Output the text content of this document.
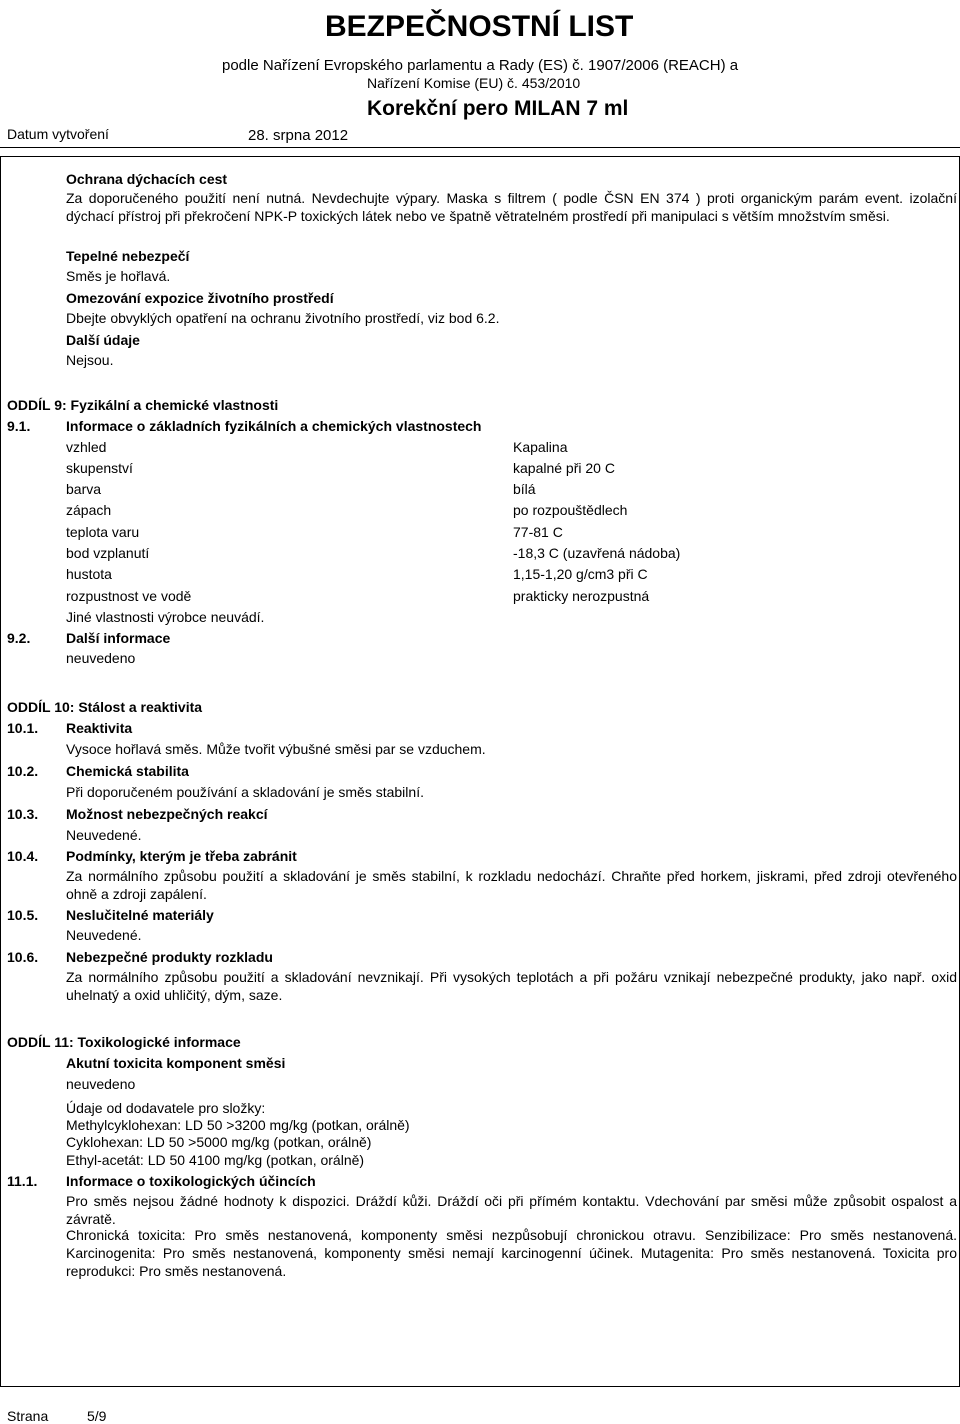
BEZPEČNOSTNÍ LIST
podle Nařízení Evropského parlamentu a Rady (ES) č. 1907/2006 (REACH) a
Nařízení Komise (EU) č. 453/2010
Korekční pero MILAN 7 ml
Datum vytvoření	28. srpna 2012
Ochrana dýchacích cest
Za doporučeného použití není nutná. Nevdechujte výpary. Maska s filtrem ( podle ČSN EN 374 ) proti organickým parám event. izolační dýchací přístroj při překročení NPK-P toxických látek nebo ve špatně větratelném prostředí při manipulaci s větším množstvím směsi.
Tepelné nebezpečí
Směs je hořlavá.
Omezování expozice životního prostředí
Dbejte obvyklých opatření na ochranu životního prostředí, viz bod 6.2.
Další údaje
Nejsou.
ODDÍL 9: Fyzikální a chemické vlastnosti
9.1.	Informace o základních fyzikálních a chemických vlastnostech
vzhled	Kapalina
skupenství	kapalné při 20 C
barva	bílá
zápach	po rozpouštědlech
teplota varu	77-81 C
bod vzplanutí	-18,3 C (uzavřená nádoba)
hustota	1,15-1,20 g/cm3 při C
rozpustnost ve vodě	prakticky nerozpustná
Jiné vlastnosti výrobce neuvádí.
9.2.	Další informace
neuvedeno
ODDÍL 10: Stálost a reaktivita
10.1. Reaktivita
Vysoce hořlavá směs. Může tvořit výbušné směsi par se vzduchem.
10.2. Chemická stabilita
Při doporučeném používání a skladování je směs stabilní.
10.3. Možnost nebezpečných reakcí
Neuvedené.
10.4. Podmínky, kterým je třeba zabránit
Za normálního způsobu použití a skladování je směs stabilní, k rozkladu nedochází. Chraňte před horkem, jiskrami, před zdroji otevřeného ohně a zdroji zapálení.
10.5. Neslučitelné materiály
Neuvedené.
10.6. Nebezpečné produkty rozkladu
Za normálního způsobu použití a skladování nevznikají. Při vysokých teplotách a při požáru vznikají nebezpečné produkty, jako např. oxid uhelnatý a oxid uhličitý, dým, saze.
ODDÍL 11: Toxikologické informace
Akutní toxicita komponent směsi
neuvedeno
Údaje od dodavatele pro složky:
Methylcyklohexan: LD 50 >3200 mg/kg (potkan, orálně)
Cyklohexan: LD 50 >5000 mg/kg (potkan, orálně)
Ethyl-acetát: LD 50 4100 mg/kg (potkan, orálně)
11.1. Informace o toxikologických účincích
Pro směs nejsou žádné hodnoty k dispozici. Dráždí kůži. Dráždí oči při přímém kontaktu. Vdechování par směsi může způsobit ospalost a závratě.
Chronická toxicita: Pro směs nestanovená, komponenty směsi nezpůsobují chronickou otravu. Senzibilizace: Pro směs nestanovená. Karcinogenita: Pro směs nestanovená, komponenty směsi nemají karcinogenní účinek. Mutagenita: Pro směs nestanovená. Toxicita pro reprodukci: Pro směs nestanovená.
Strana	5/9
